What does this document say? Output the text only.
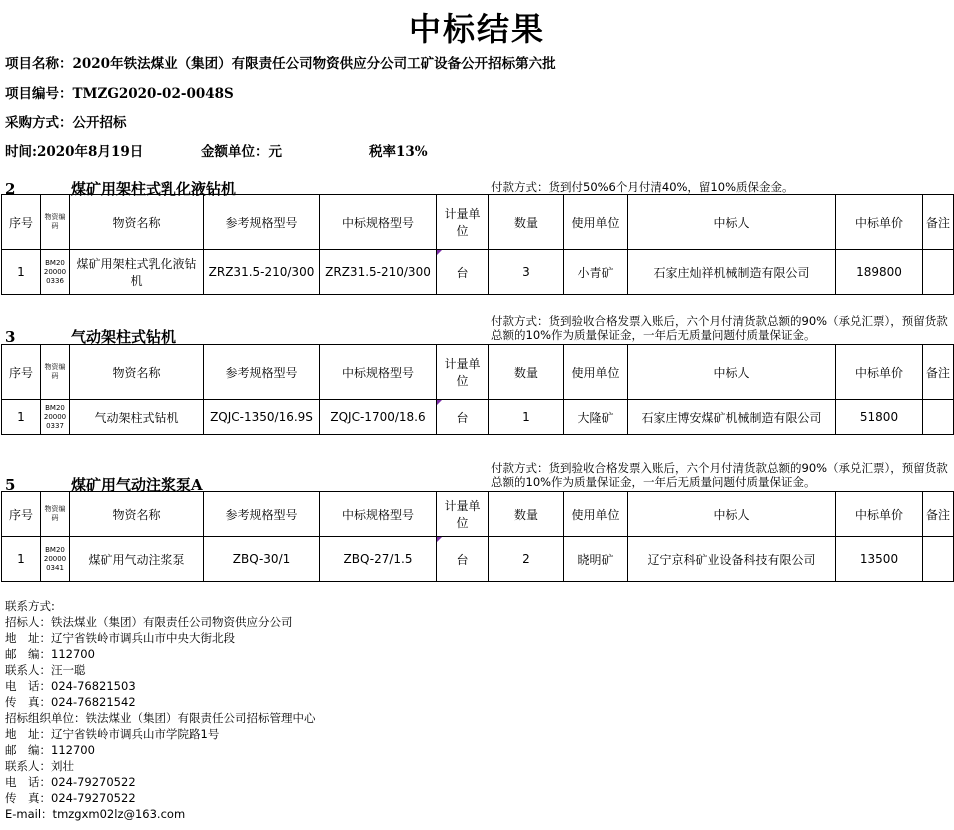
中标结果
项目名称：2020年铁法煤业（集团）有限责任公司物资供应分公司工矿设备公开招标第六批
项目编号：TMZG2020-02-0048S
采购方式：公开招标
时间:2020年8月19日	金额单位：元	税率13%
2	煤矿用架柱式乳化液钻机	付款方式：货到付50%6个月付清40%，留10%质保金金。
序号	物资编码	物资名称	参考规格型号	中标规格型号	计量单位	数量	使用单位	中标人	中标单价	备注
1	BM20200000336	煤矿用架柱式乳化液钻机	ZRZ31.5-210/300	ZRZ31.5-210/300	台	3	小青矿	石家庄灿祥机械制造有限公司	189800	
3	气动架柱式钻机
付款方式：货到验收合格发票入账后，六个月付清货款总额的90%（承兑汇票），预留货款总额的10%作为质量保证金，一年后无质量问题付质量保证金。
序号	物资编码	物资名称	参考规格型号	中标规格型号	计量单位	数量	使用单位	中标人	中标单价	备注
1	BM20200000337	气动架柱式钻机	ZQJC-1350/16.9S	ZQJC-1700/18.6	台	1	大隆矿	石家庄博安煤矿机械制造有限公司	51800	
5	煤矿用气动注浆泵A
付款方式：货到验收合格发票入账后，六个月付清货款总额的90%（承兑汇票），预留货款总额的10%作为质量保证金，一年后无质量问题付质量保证金。
序号	物资编码	物资名称	参考规格型号	中标规格型号	计量单位	数量	使用单位	中标人	中标单价	备注
1	BM20200000341	煤矿用气动注浆泵	ZBQ-30/1	ZBQ-27/1.5	台	2	晓明矿	辽宁京科矿业设备科技有限公司	13500	
联系方式:
招标人：铁法煤业（集团）有限责任公司物资供应分公司
地　址：辽宁省铁岭市调兵山市中央大街北段
邮　编：112700
联系人：汪一聪
电　话：024-76821503
传　真：024-76821542
招标组织单位：铁法煤业（集团）有限责任公司招标管理中心
地　址：辽宁省铁岭市调兵山市学院路1号
邮　编：112700
联系人：刘壮
电　话：024-79270522
传　真：024-79270522
E-mail：tmzgxm02lz@163.com
